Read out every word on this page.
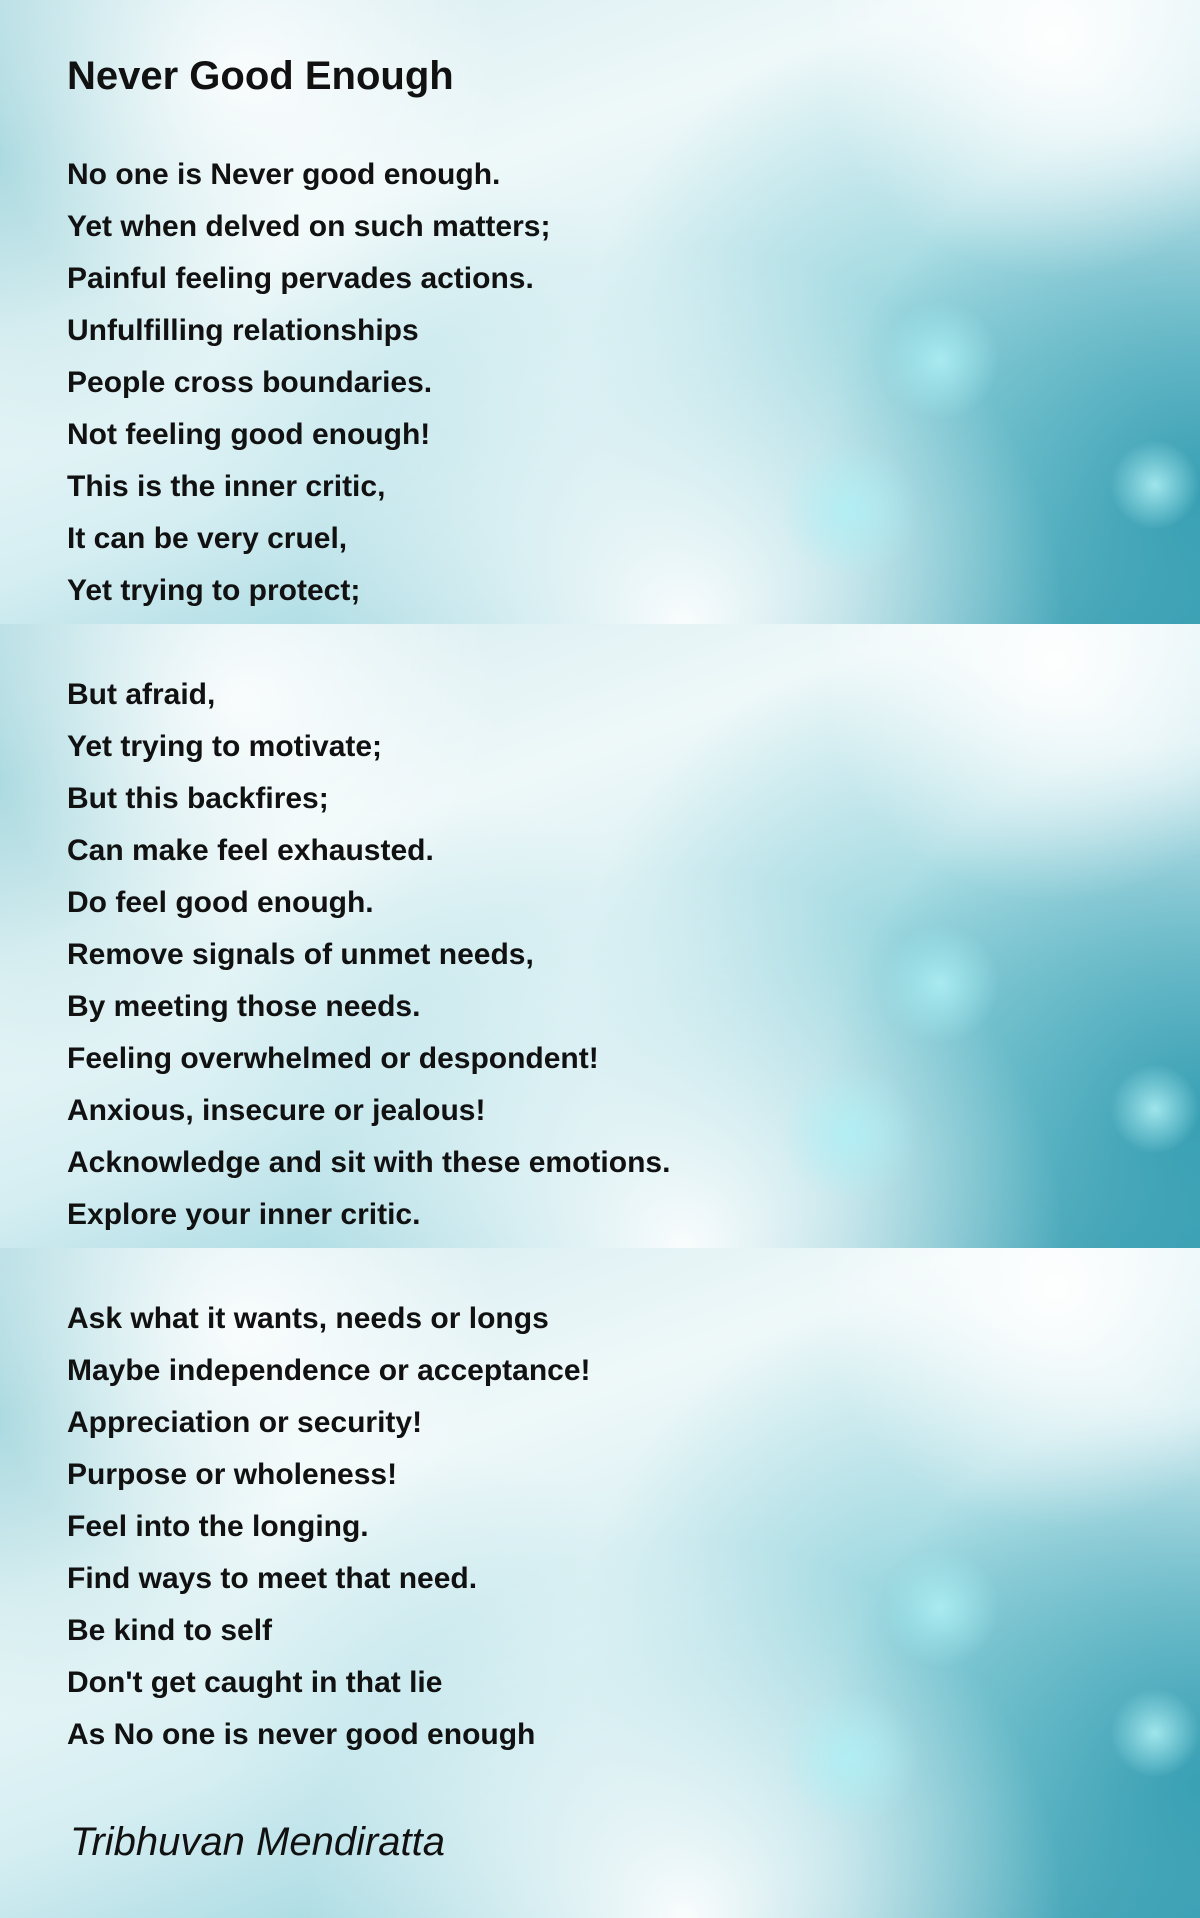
Never Good Enough

No one is Never good enough.

Yet when delved on such matters;

Painful feeling pervades actions.

Unfulfilling relationships

People cross boundaries.

Not feeling good enough!

This is the inner critic,

It can be very cruel,

Yet trying to protect;

But afraid,

Yet trying to motivate;

But this backfires;

Can make feel exhausted.

Do feel good enough.

Remove signals of unmet needs,

By meeting those needs.

Feeling overwhelmed or despondent!

Anxious, insecure or jealous!

Acknowledge and sit with these emotions.

Explore your inner critic.

Ask what it wants, needs or longs

Maybe independence or acceptance!

Appreciation or security!

Purpose or wholeness!

Feel into the longing.

Find ways to meet that need.

Be kind to self

Don't get caught in that lie

As No one is never good enough

Tribhuvan Mendiratta
